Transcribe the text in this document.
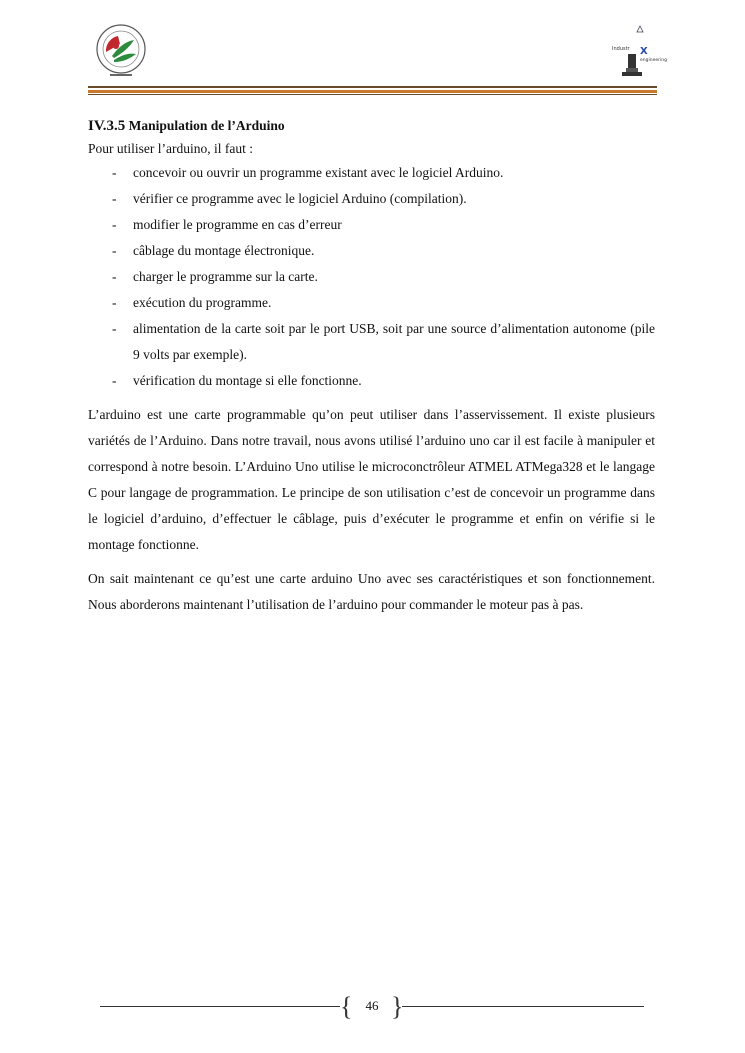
Industr X
engineering

IV.3.5 Manipulation de l’Arduino

Pour utiliser l’arduino, il faut :

- concevoir ou ouvrir un programme existant avec le logiciel Arduino.
- vérifier ce programme avec le logiciel Arduino (compilation).
- modifier le programme en cas d’erreur
- câblage du montage électronique.
- charger le programme sur la carte.
- exécution du programme.
- alimentation de la carte soit par le port USB, soit par une source d’alimentation autonome (pile 9 volts par exemple).
- vérification du montage si elle fonctionne.

L’arduino est une carte programmable qu’on peut utiliser dans l’asservissement. Il existe plusieurs variétés de l’Arduino. Dans notre travail, nous avons utilisé l’arduino uno car il est facile à manipuler et correspond à notre besoin. L’Arduino Uno utilise le microconctrôleur ATMEL ATMega328 et le langage C pour langage de programmation. Le principe de son utilisation c’est de concevoir un programme dans le logiciel d’arduino, d’effectuer le câblage, puis d’exécuter le programme et enfin on vérifie si le montage fonctionne.

On sait maintenant ce qu’est une carte arduino Uno avec ses caractéristiques et son fonctionnement. Nous aborderons maintenant l’utilisation de l’arduino pour commander le moteur pas à pas.

{ }
46
